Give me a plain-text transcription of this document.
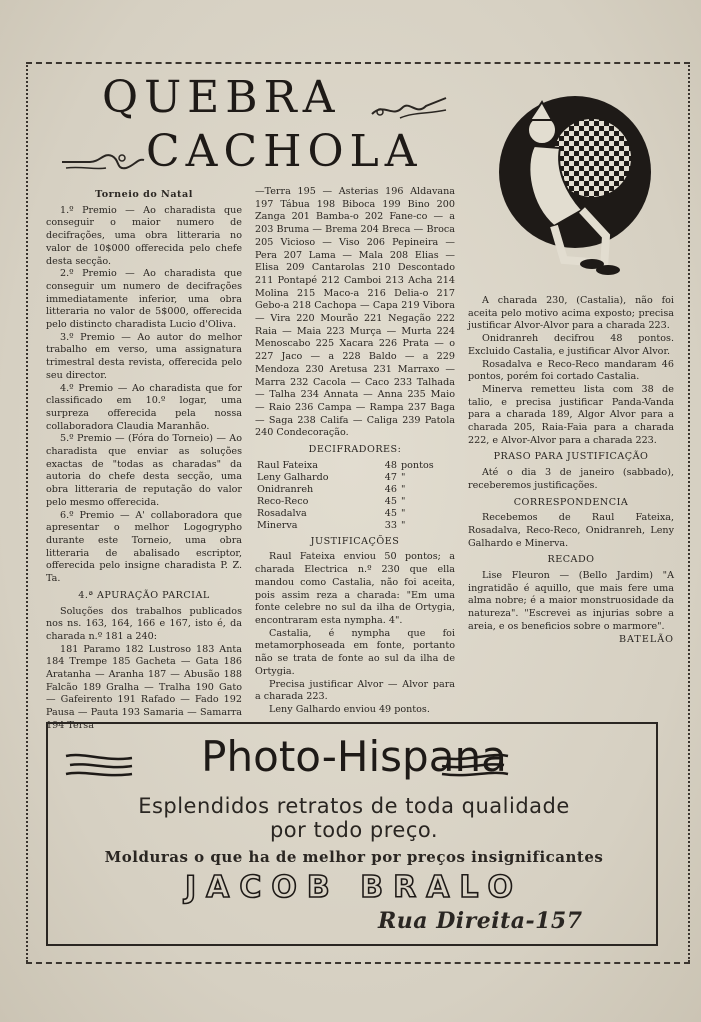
QUEBRA
CACHOLA

Torneio do Natal

1.º Premio — Ao charadista que conseguir o maior numero de decifrações, uma obra litteraria no valor de 10$000 offerecida pelo chefe desta secção.

2.º Premio — Ao charadista que conseguir um numero de decifrações immediatamente inferior, uma obra litteraria no valor de 5$000, offerecida pelo distincto charadista Lucio d'Oliva.

3.º Premio — Ao autor do melhor trabalho em verso, uma assignatura trimestral desta revista, offerecida pelo seu director.

4.º Premio — Ao charadista que for classificado em 10.º logar, uma surpreza offerecida pela nossa collaboradora Claudia Maranhão.

5.º Premio — (Fóra do Torneio) — Ao charadista que enviar as soluções exactas de "todas as charadas" da autoria do chefe desta secção, uma obra litteraria de reputação do valor pelo mesmo offerecida.

6.º Premio — A' collaboradora que apresentar o melhor Logogrypho durante este Torneio, uma obra litteraria de abalisado escriptor, offerecida pelo insigne charadista P. Z. Ta.

4.ª APURAÇÃO PARCIAL

Soluções dos trabalhos publicados nos ns. 163, 164, 166 e 167, isto é, da charada n.º 181 a 240:

181 Paramo 182 Lustroso 183 Anta 184 Trempe 185 Gacheta — Gata 186 Aratanha — Aranha 187 — Abusão 188 Falcão 189 Gralha — Tralha 190 Gato — Gafeirento 191 Rafado — Fado 192 Pausa — Pauta 193 Samaria — Samarra 194 Tersa

—Terra 195 — Asterias 196 Aldavana 197 Tábua 198 Biboca 199 Bino 200 Zanga 201 Bamba-o 202 Fane-co — a 203 Bruma — Brema 204 Breca — Broca 205 Vicioso — Viso 206 Pepineira — Pera 207 Lama — Mala 208 Elias — Elisa 209 Cantarolas 210 Descontado 211 Pontapé 212 Camboi 213 Acha 214 Molina 215 Maco-a 216 Delia-o 217 Gebo-a 218 Cachopa — Capa 219 Vibora — Vira 220 Mourão 221 Negação 222 Raia — Maia 223 Murça — Murta 224 Menoscabo 225 Xacara 226 Prata — o 227 Jaco — a 228 Baldo — a 229 Mendoza 230 Aretusa 231 Marraxo — Marra 232 Cacola — Caco 233 Talhada — Talha 234 Annata — Anna 235 Maio — Raio 236 Campa — Rampa 237 Baga — Saga 238 Califa — Caliga 239 Patola 240 Condecoração.

DECIFRADORES:

Raul Fateixa	48	pontos
Leny Galhardo	47	"
Onidranreh	46	"
Reco-Reco	45	"
Rosadalva	45	"
Minerva	33	"

JUSTIFICAÇÕES

Raul Fateixa enviou 50 pontos; a charada Electrica n.º 230 que ella mandou como Castalia, não foi aceita, pois assim reza a charada: "Em uma fonte celebre no sul da ilha de Ortygia, encontraram esta nympha. 4".

Castalia, é nympha que foi metamorphoseada em fonte, portanto não se trata de fonte ao sul da ilha de Ortygia.

Precisa justificar Alvor — Alvor para a charada 223.

Leny Galhardo enviou 49 pontos.

A charada 230, (Castalia), não foi aceita pelo motivo acima exposto; precisa justificar Alvor-Alvor para a charada 223.

Onidranreh decifrou 48 pontos. Excluido Castalia, e justificar Alvor Alvor.

Rosadalva e Reco-Reco mandaram 46 pontos, porém foi cortado Castalia.

Minerva remetteu lista com 38 de talio, e precisa justificar Panda-Vanda para a charada 189, Algor Alvor para a charada 205, Raia-Faia para a charada 222, e Alvor-Alvor para a charada 223.

PRASO PARA JUSTIFICAÇÃO

Até o dia 3 de janeiro (sabbado), receberemos justificações.

CORRESPONDENCIA

Recebemos de Raul Fateixa, Rosadalva, Reco-Reco, Onidranreh, Leny Galhardo e Minerva.

RECADO

Lise Fleuron — (Bello Jardim) "A ingratidão é aquillo, que mais fere uma alma nobre; é a maior monstruosidade da natureza". "Escrevei as injurias sobre a areia, e os beneficios sobre o marmore".

BATELÃO

Photo-Hispana
Esplendidos retratos de toda qualidade
por todo preço.
Molduras o que ha de melhor por preços insignificantes
JACOB BRALO
Rua Direita-157
